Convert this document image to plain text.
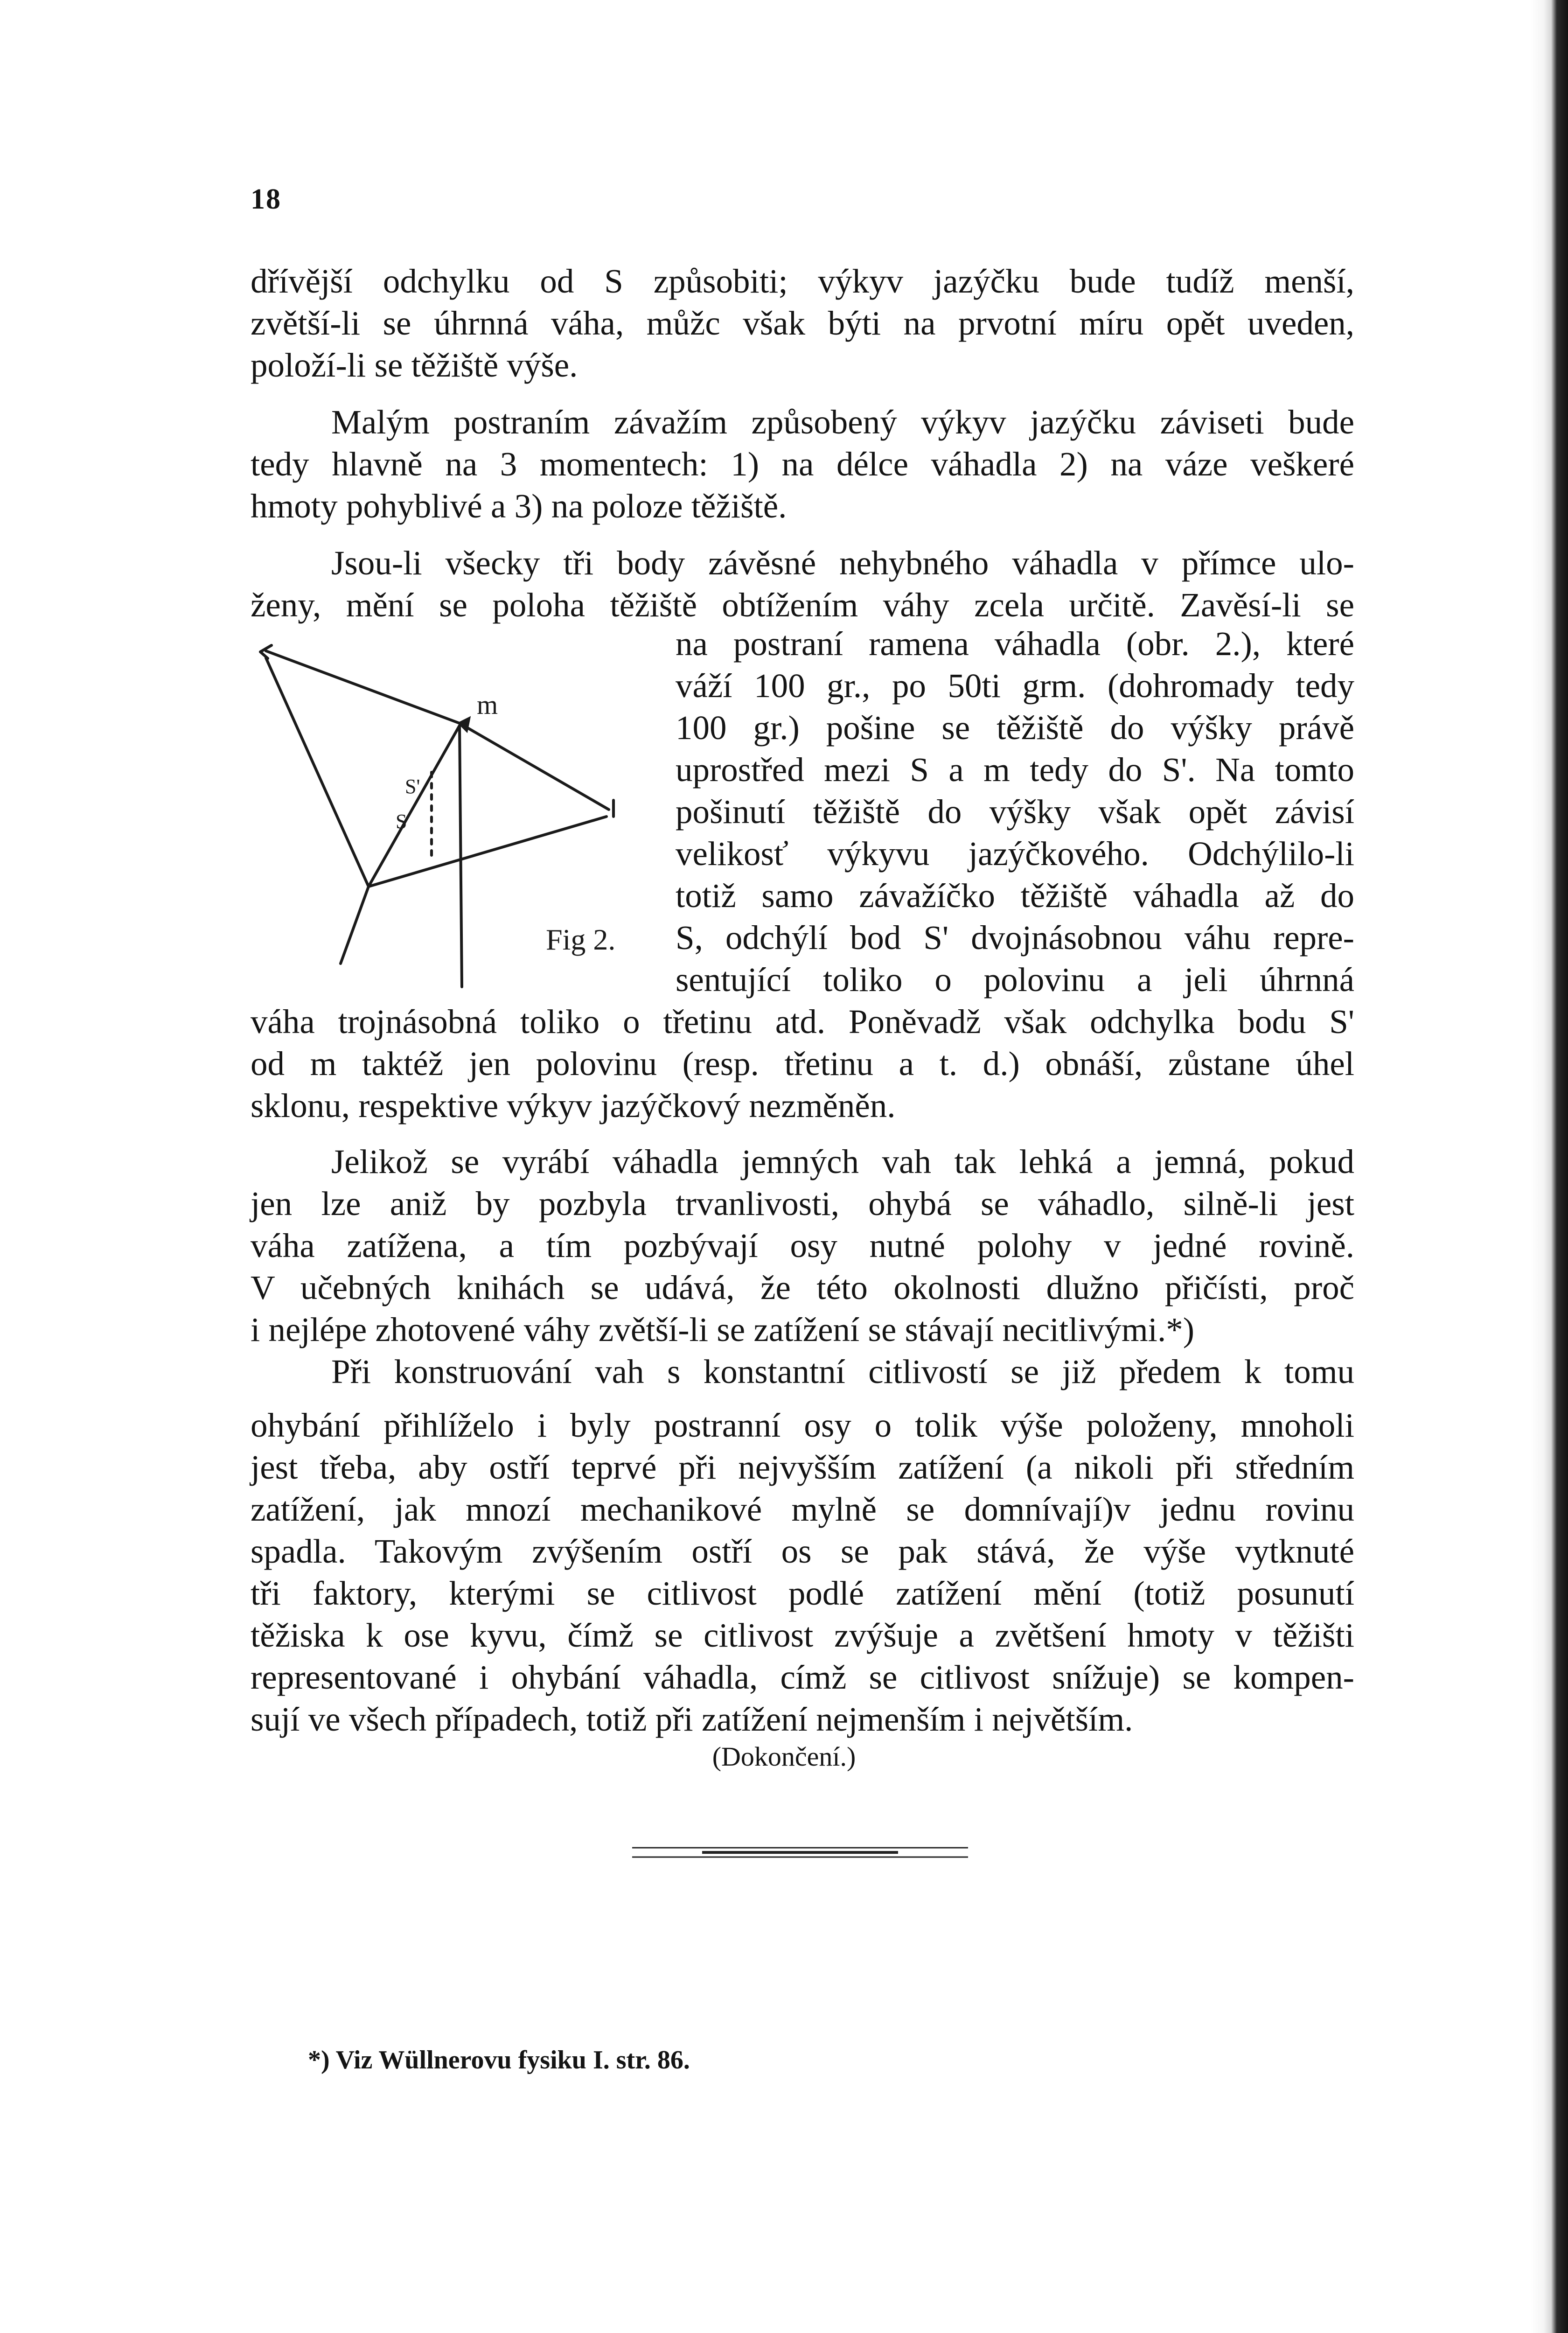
18
dřívější odchylku od S způsobiti; výkyv jazýčku bude tudíž menší,
zvětší-li se úhrnná váha, můžc však býti na prvotní míru opět uveden,
položí-li se těžiště výše.
Malým postraním závažím způsobený výkyv jazýčku záviseti bude
tedy hlavně na 3 momentech: 1) na délce váhadla 2) na váze veškeré
hmoty pohyblivé a 3) na poloze těžiště.
Jsou-li všecky tři body závěsné nehybného váhadla v přímce ulo-
ženy, mění se poloha těžiště obtížením váhy zcela určitě. Zavěsí-li se
na postraní ramena váhadla (obr. 2.), které
váží 100 gr., po 50ti grm. (dohromady tedy
100 gr.) pošine se těžiště do výšky právě
uprostřed mezi S a m tedy do S'. Na tomto
pošinutí těžiště do výšky však opět závisí
velikosť výkyvu jazýčkového. Odchýlilo-li
totiž samo závažíčko těžiště váhadla až do
S, odchýlí bod S' dvojnásobnou váhu repre-
sentující toliko o polovinu a jeli úhrnná
váha trojnásobná toliko o třetinu atd. Poněvadž však odchylka bodu S'
od m taktéž jen polovinu (resp. třetinu a t. d.) obnáší, zůstane úhel
sklonu, respektive výkyv jazýčkový nezměněn.
m
S'
S
Fig 2.
Jelikož se vyrábí váhadla jemných vah tak lehká a jemná, pokud
jen lze aniž by pozbyla trvanlivosti, ohybá se váhadlo, silně-li jest
váha zatížena, a tím pozbývají osy nutné polohy v jedné rovině.
V učebných knihách se udává, že této okolnosti dlužno přičísti, proč
i nejlépe zhotovené váhy zvětší-li se zatížení se stávají necitlivými.*)
Při konstruování vah s konstantní citlivostí se již předem k tomu
ohybání přihlíželo i byly postranní osy o tolik výše položeny, mnoholi
jest třeba, aby ostří teprvé při nejvyšším zatížení (a nikoli při středním
zatížení, jak mnozí mechanikové mylně se domnívají)v jednu rovinu
spadla. Takovým zvýšením ostří os se pak stává, že výše vytknuté
tři faktory, kterými se citlivost podlé zatížení mění (totiž posunutí
těžiska k ose kyvu, čímž se citlivost zvýšuje a zvětšení hmoty v těžišti
representované i ohybání váhadla, címž se citlivost snížuje) se kompen-
sují ve všech případech, totiž při zatížení nejmenším i největším.
(Dokončení.)
*) Viz Wüllnerovu fysiku I. str. 86.
